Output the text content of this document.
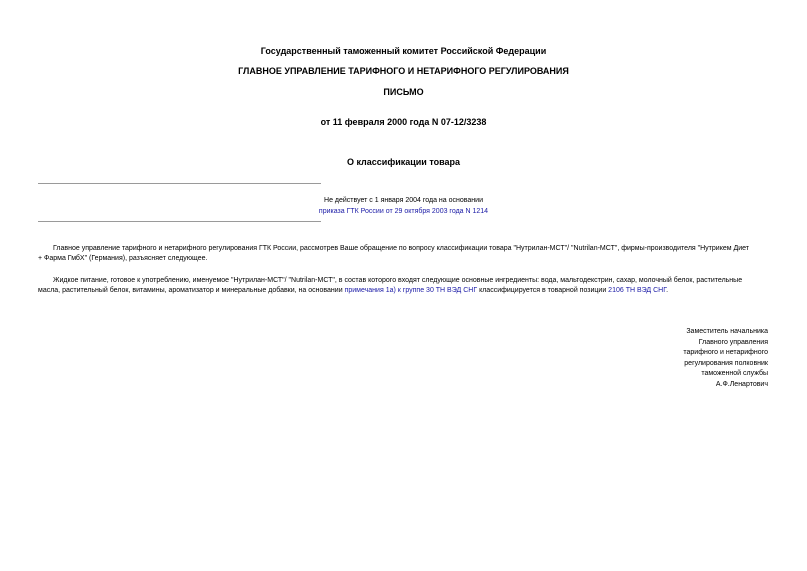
Государственный таможенный комитет Российской Федерации
ГЛАВНОЕ УПРАВЛЕНИЕ ТАРИФНОГО И НЕТАРИФНОГО РЕГУЛИРОВАНИЯ
ПИСЬМО
от 11 февраля 2000 года N 07-12/3238
О классификации товара
Не действует с 1 января 2004 года на основании
приказа ГТК России от 29 октября 2003 года N 1214
Главное управление тарифного и нетарифного регулирования ГТК России, рассмотрев Ваше обращение по вопросу классификации товара "Нутрилан-МСТ"/ "Nutrilan-МСТ", фирмы-производителя "Нутрикем Диет
+ Фарма ГмбХ" (Германия), разъясняет следующее.
Жидкое питание, готовое к употреблению, именуемое "Нутрилан-МСТ"/ "Nutrilan-МСТ", в состав которого входят следующие основные ингредиенты: вода, мальтодекстрин, сахар, молочный белок, растительные
масла, растительный белок, витамины, ароматизатор и минеральные добавки, на основании примечания 1а) к группе 30 ТН ВЭД СНГ классифицируется в товарной позиции 2106 ТН ВЭД СНГ.
Заместитель начальника
Главного управления
тарифного и нетарифного
регулирования полковник
таможенной службы
А.Ф.Ленартович
